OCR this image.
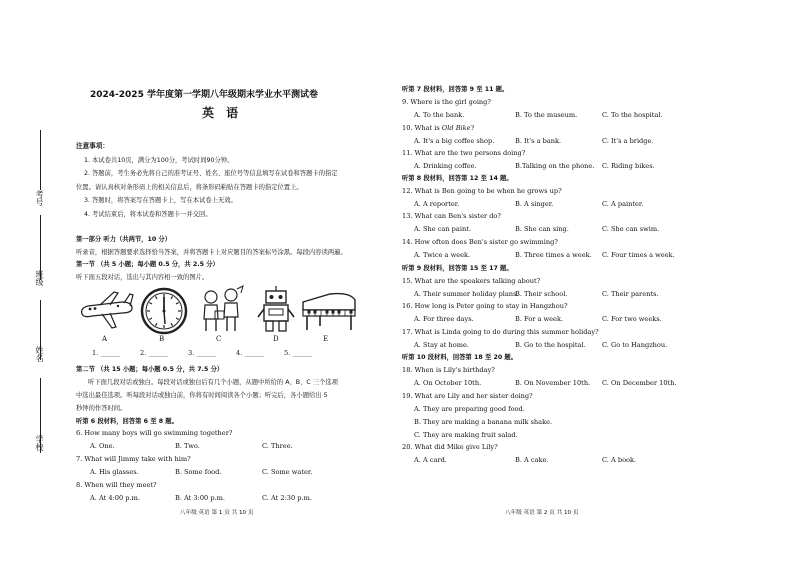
考号
班级
姓名
学校
2024-2025 学年度第一学期八年级期末学业水平测试卷
英 语
注意事项：
1. 本试卷共10页，满分为100分，考试时间90分钟。
2. 答题前，考生务必先将自己的准考证号、姓名、座位号等信息填写在试卷和答题卡的指定
位置。请认真核对条形码上的相关信息后，将条形码粘贴在答题卡的指定位置上。
3. 答题时，将答案写在答题卡上，写在本试卷上无效。
4. 考试结束后，将本试卷和答题卡一并交回。
第一部分 听力（共两节，10 分）
听录音，根据答题要求选择恰当答案，并将答题卡上对应题目的答案标号涂黑。每段内容读两遍。
第一节 （共 5 小题；每小题 0.5 分，共 2.5 分）
听下面五段对话，选出与其内容相一致的图片。
A	B	C	D	E
1. ______	2. ______	3. ______	4. ______	5. ______
第二节 （共 15 小题；每小题 0.5 分，共 7.5 分）
听下面几段对话或独白。每段对话或独白后有几个小题，从题中所给的 A、B、C 三个选项
中选出最佳选项。听每段对话或独白前，你将有时间阅读各个小题；听完后，各小题给出 5
秒钟的作答时间。
听第 6 段材料，回答第 6 至 8 题。
6. How many boys will go swimming together?
A. One.	B. Two.	C. Three.
7. What will Jimmy take with him?
A. His glasses.	B. Some food.	C. Some water.
8. When will they meet?
A. At 4:00 p.m.	B. At 3:00 p.m.	C. At 2:30 p.m.
八年级 英语 第 1 页 共 10 页
听第 7 段材料，回答第 9 至 11 题。
9. Where is the girl going?
A. To the bank.	B. To the museum.	C. To the hospital.
10. What is Old Bike?
A. It's a big coffee shop.	B. It's a bank.	C. It's a bridge.
11. What are the two persons doing?
A. Drinking coffee.	B.Talking on the phone. C. Riding bikes.
听第 8 段材料，回答第 12 至 14 题。
12. What is Ben going to be when he grows up?
A. A reporter.	B. A singer.	C. A painter.
13. What can Ben's sister do?
A. She can paint.	B. She can sing.	C. She can swim.
14. How often does Ben's sister go swimming?
A. Twice a week.	B. Three times a week. C. Four times a week.
听第 9 段材料，回答第 15 至 17 题。
15. What are the speakers talking about?
A. Their summer holiday plans.
B. Their school.	C. Their parents.
16. How long is Peter going to stay in Hangzhou?
A. For three days.	B. For a week.	C. For two weeks.
17. What is Linda going to do during this summer holiday?
A. Stay at home.	B. Go to the hospital. C. Go to Hangzhou.
听第 10 段材料，回答第 18 至 20 题。
18. When is Lily's birthday?
A. On October 10th.	B. On November 10th. C. On December 10th.
19. What are Lily and her sister doing?
A. They are preparing good food.
B. They are making a banana milk shake.
C. They are making fruit salad.
20. What did Mike give Lily?
A. A card.	B. A cake.	C. A book.
八年级 英语 第 2 页 共 10 页
